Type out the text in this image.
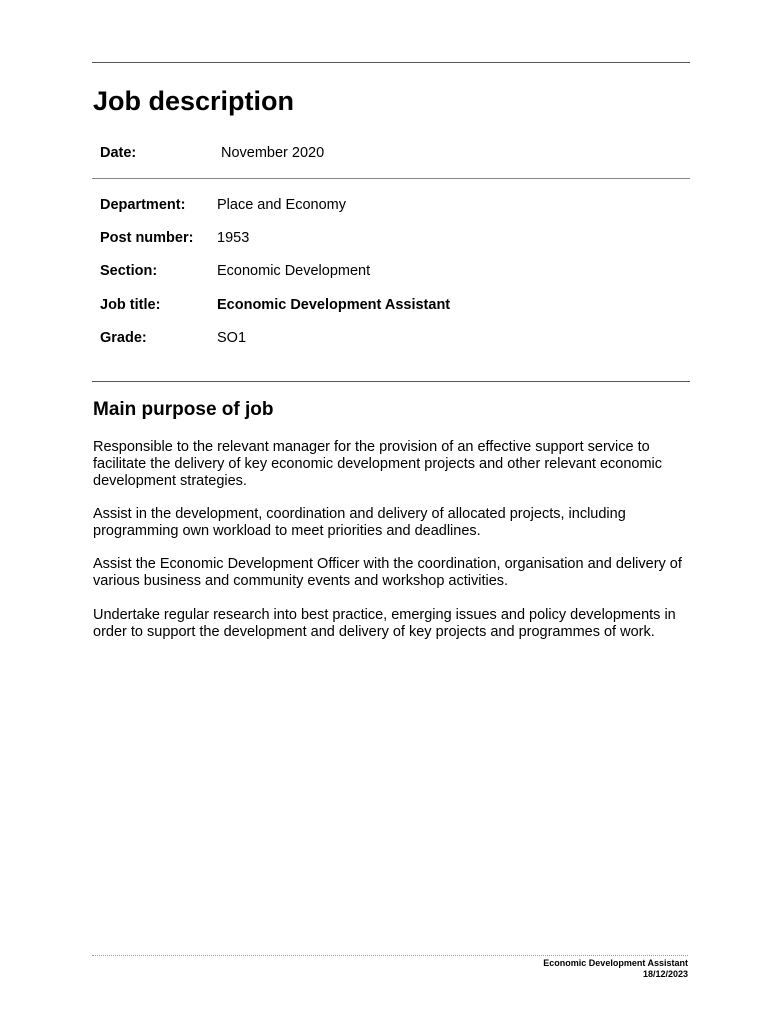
Job description
Date:	November 2020
Department: Place and Economy
Post number: 1953
Section:	Economic Development
Job title:	Economic Development Assistant
Grade:	SO1
Main purpose of job

Responsible to the relevant manager for the provision of an effective support service to facilitate the delivery of key economic development projects and other relevant economic development strategies.

Assist in the development, coordination and delivery of allocated projects, including programming own workload to meet priorities and deadlines.

Assist the Economic Development Officer with the coordination, organisation and delivery of various business and community events and workshop activities.

Undertake regular research into best practice, emerging issues and policy developments in order to support the development and delivery of key projects and programmes of work.

Economic Development Assistant
18/12/2023
